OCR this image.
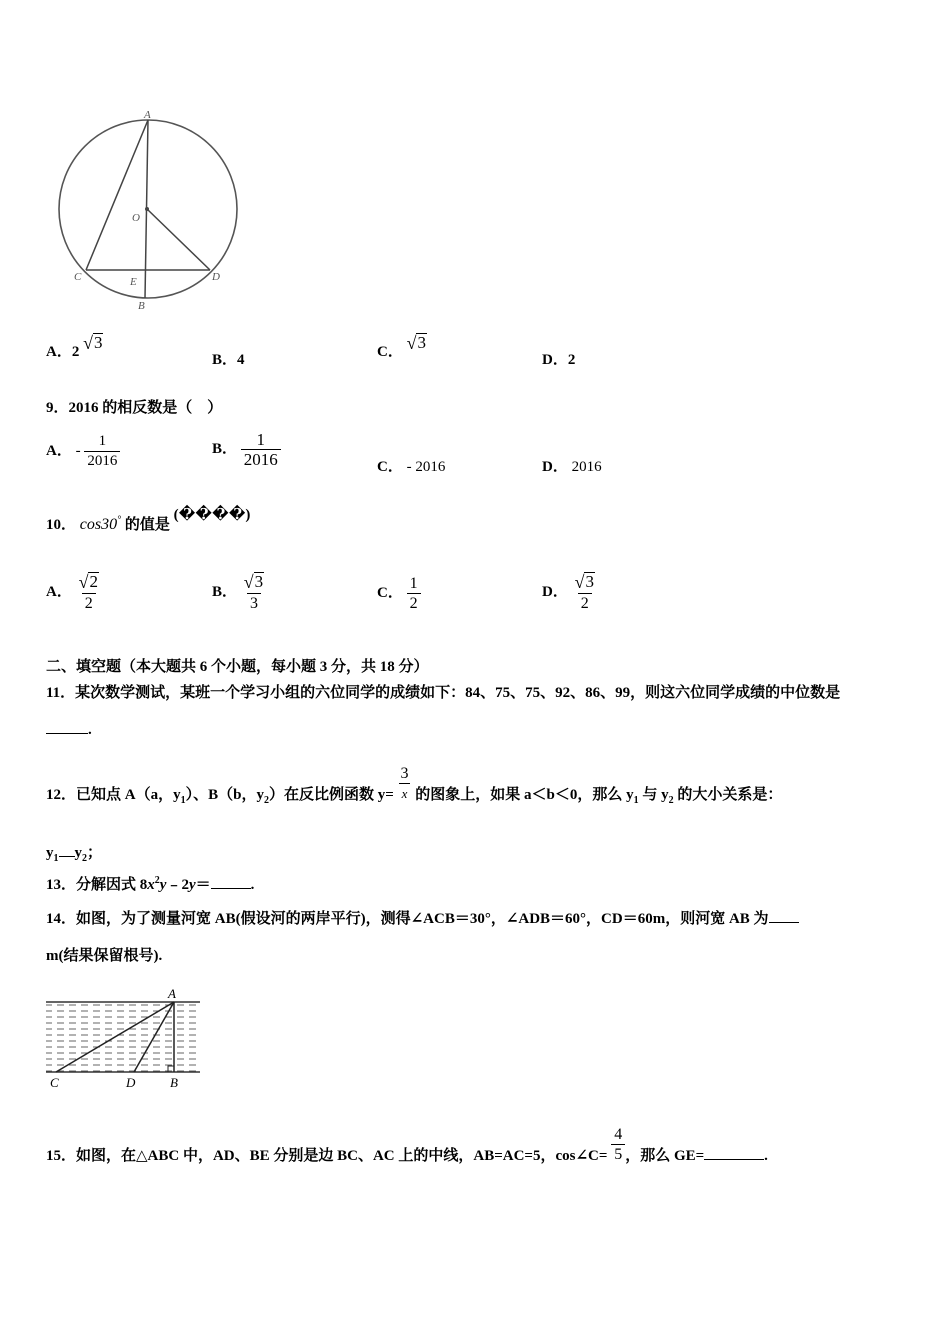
A
O
C	E	D
B
A．2 √ 3
B．4	C． √ 3
D．2
9．2016 的相反数是（　）
A． - $\frac{1}{2016}$	B． $\frac{1}{2016}$	C． - 2016	D． 2016
10． cos30° 的值是 (����)
A． $\frac{√ 2}{2}$	B． $\frac{√ 3}{3}$	C． $\frac{1}{2}$	D． $\frac{√ 3}{2}$
二、填空题（本大题共 6 个小题，每小题 3 分，共 18 分）
11．某次数学测试，某班一个学习小组的六位同学的成绩如下：84、75、75、92、86、99，则这六位同学成绩的中位数是
.
12．已知点 A（a，$y_1$）、B（b，$y_2$）在反比例函数 $y= \frac{3}{x}$ 的图象上，如果 a＜b＜0，那么 $y_1$ 与 $y_2$ 的大小关系是：
$y_1$ $y_2$；
13．分解因式 $8x^2y﹣2y=$	.
14．如图，为了测量河宽 AB(假设河的两岸平行)，测得∠ACB＝30°，∠ADB＝60°，CD＝60m，则河宽 AB 为
m(结果保留根号).
A
C	D	B
15．如图，在△ABC 中，AD、BE 分别是边 BC、AC 上的中线，AB=AC=5，cos∠C= $\frac{4}{5}$ ，那么 GE=	.
